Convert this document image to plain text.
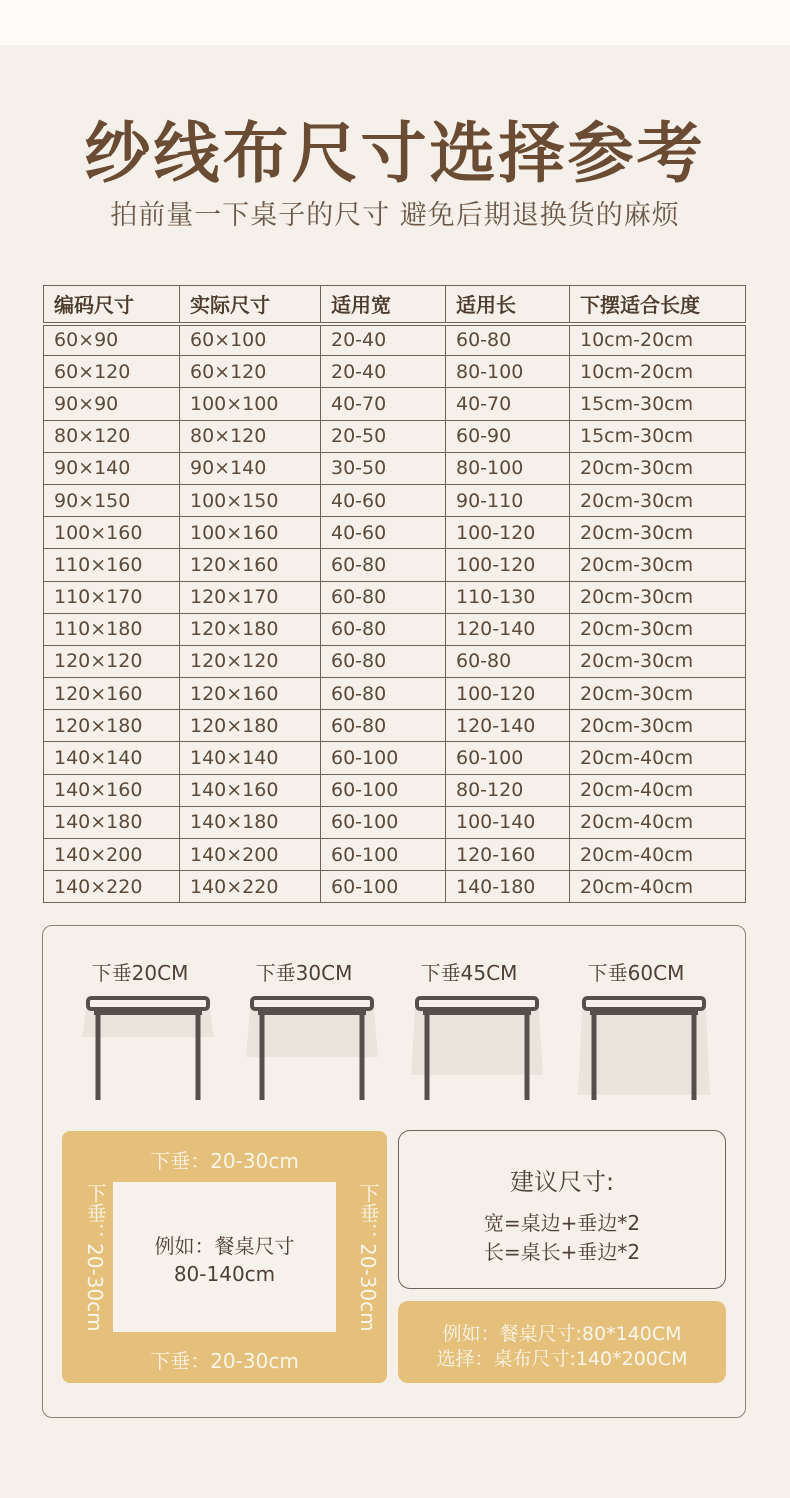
纱线布尺寸选择参考
拍前量一下桌子的尺寸 避免后期退换货的麻烦
编码尺寸	实际尺寸	适用宽	适用长	下摆适合长度
60×90	60×100	20-40	60-80	10cm-20cm
60×120	60×120	20-40	80-100	10cm-20cm
90×90	100×100	40-70	40-70	15cm-30cm
80×120	80×120	20-50	60-90	15cm-30cm
90×140	90×140	30-50	80-100	20cm-30cm
90×150	100×150	40-60	90-110	20cm-30cm
100×160	100×160	40-60	100-120	20cm-30cm
110×160	120×160	60-80	100-120	20cm-30cm
110×170	120×170	60-80	110-130	20cm-30cm
110×180	120×180	60-80	120-140	20cm-30cm
120×120	120×120	60-80	60-80	20cm-30cm
120×160	120×160	60-80	100-120	20cm-30cm
120×180	120×180	60-80	120-140	20cm-30cm
140×140	140×140	60-100	60-100	20cm-40cm
140×160	140×160	60-100	80-120	20cm-40cm
140×180	140×180	60-100	100-140	20cm-40cm
140×200	140×200	60-100	120-160	20cm-40cm
140×220	140×220	60-100	140-180	20cm-40cm
下垂20CM	下垂30CM	下垂45CM	下垂60CM
下垂：20-30cm
下垂：20-30cm
下垂：20-30cm	下垂：20-30cm
例如：餐桌尺寸
80-140cm
建议尺寸:
宽=桌边+垂边*2
长=桌长+垂边*2
例如：餐桌尺寸:80*140CM
选择：桌布尺寸:140*200CM
